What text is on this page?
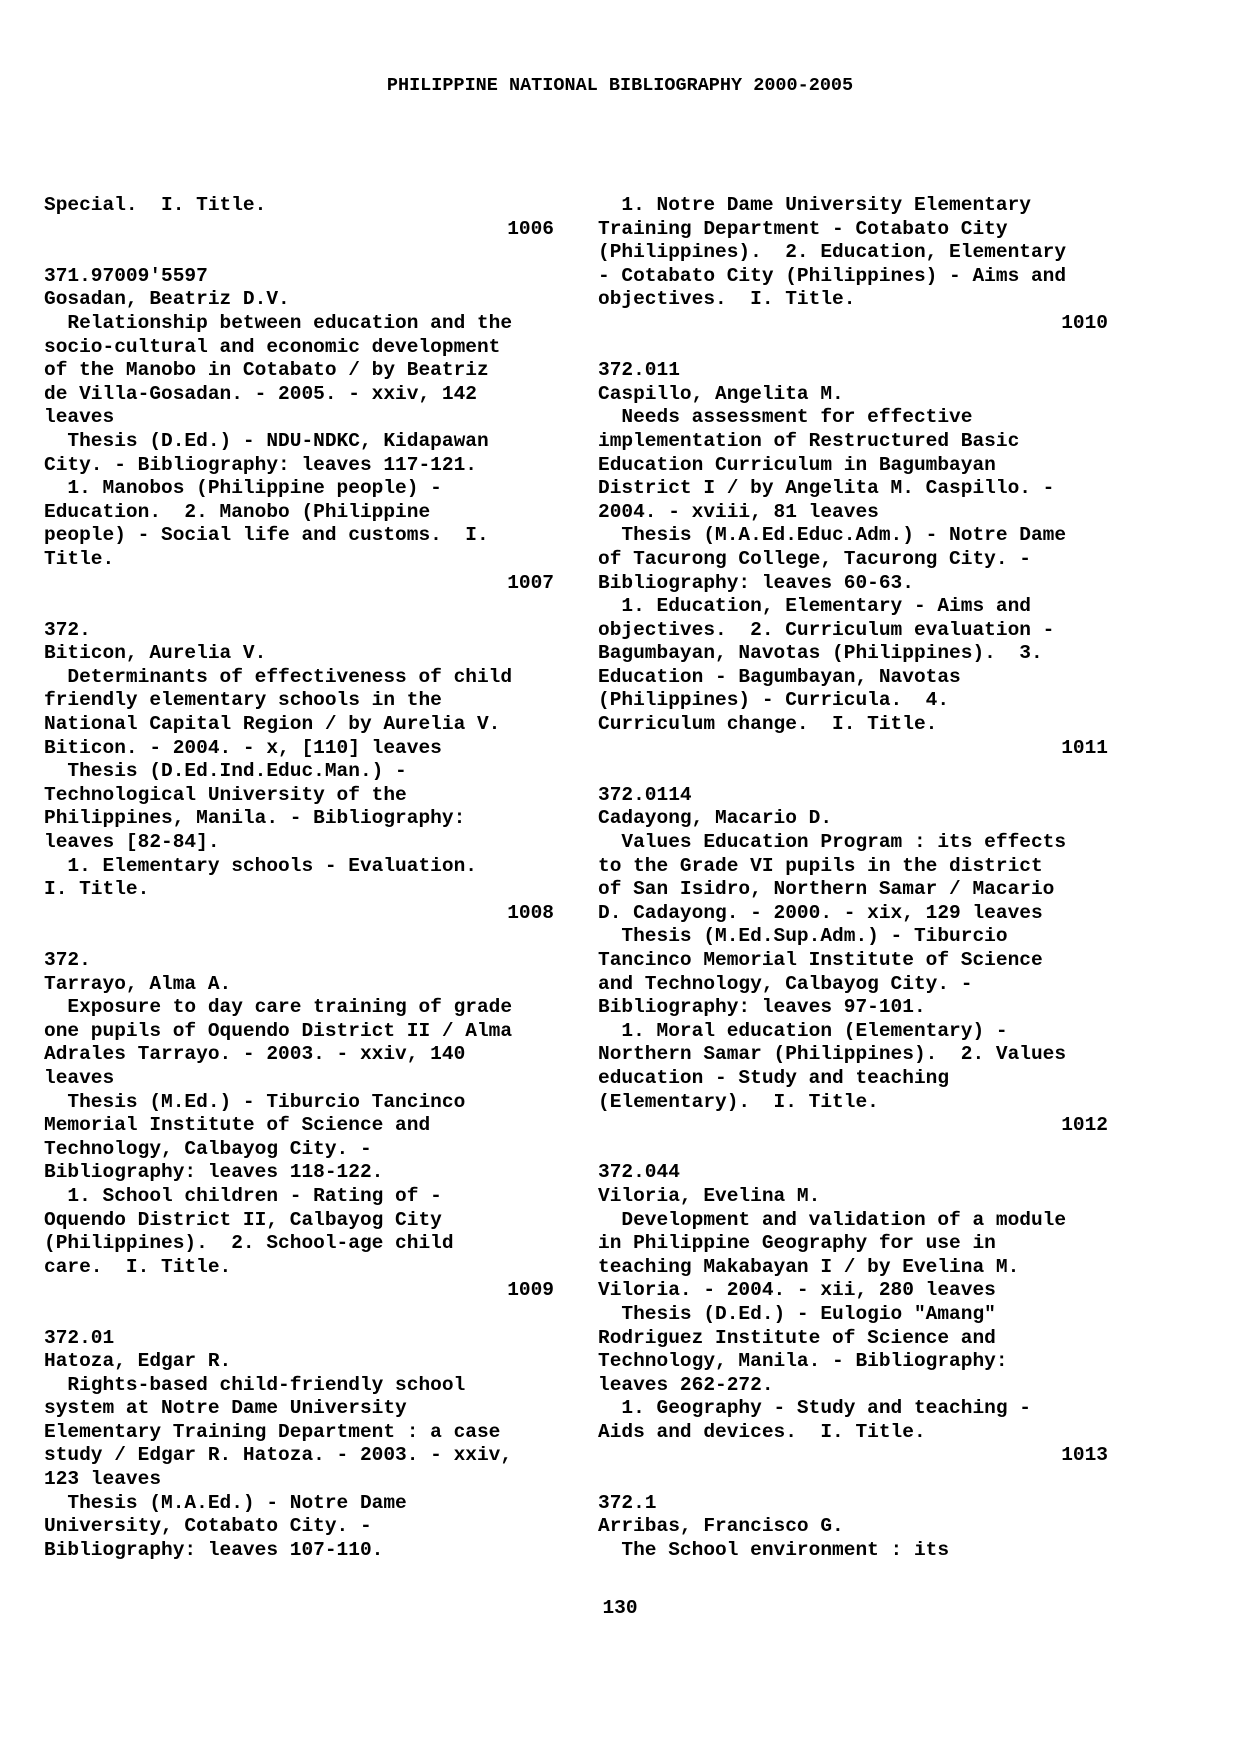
PHILIPPINE NATIONAL BIBLIOGRAPHY 2000-2005
Special.  I. Title.
1006
371.97009'5597
Gosadan, Beatriz D.V.
Relationship between education and the
socio-cultural and economic development
of the Manobo in Cotabato / by Beatriz
de Villa-Gosadan. - 2005. - xxiv, 142
leaves
Thesis (D.Ed.) - NDU-NDKC, Kidapawan
City. - Bibliography: leaves 117-121.
1. Manobos (Philippine people) -
Education.  2. Manobo (Philippine
people) - Social life and customs.  I.
Title.
1007
372.
Biticon, Aurelia V.
Determinants of effectiveness of child
friendly elementary schools in the
National Capital Region / by Aurelia V.
Biticon. - 2004. - x, [110] leaves
Thesis (D.Ed.Ind.Educ.Man.) -
Technological University of the
Philippines, Manila. - Bibliography:
leaves [82-84].
1. Elementary schools - Evaluation.
I. Title.
1008
372.
Tarrayo, Alma A.
Exposure to day care training of grade
one pupils of Oquendo District II / Alma
Adrales Tarrayo. - 2003. - xxiv, 140
leaves
Thesis (M.Ed.) - Tiburcio Tancinco
Memorial Institute of Science and
Technology, Calbayog City. -
Bibliography: leaves 118-122.
1. School children - Rating of -
Oquendo District II, Calbayog City
(Philippines).  2. School-age child
care.  I. Title.
1009
372.01
Hatoza, Edgar R.
Rights-based child-friendly school
system at Notre Dame University
Elementary Training Department : a case
study / Edgar R. Hatoza. - 2003. - xxiv,
123 leaves
Thesis (M.A.Ed.) - Notre Dame
University, Cotabato City. -
Bibliography: leaves 107-110.
1. Notre Dame University Elementary
Training Department - Cotabato City
(Philippines).  2. Education, Elementary
- Cotabato City (Philippines) - Aims and
objectives.  I. Title.
1010
372.011
Caspillo, Angelita M.
Needs assessment for effective
implementation of Restructured Basic
Education Curriculum in Bagumbayan
District I / by Angelita M. Caspillo. -
2004. - xviii, 81 leaves
Thesis (M.A.Ed.Educ.Adm.) - Notre Dame
of Tacurong College, Tacurong City. -
Bibliography: leaves 60-63.
1. Education, Elementary - Aims and
objectives.  2. Curriculum evaluation -
Bagumbayan, Navotas (Philippines).  3.
Education - Bagumbayan, Navotas
(Philippines) - Curricula.  4.
Curriculum change.  I. Title.
1011
372.0114
Cadayong, Macario D.
Values Education Program : its effects
to the Grade VI pupils in the district
of San Isidro, Northern Samar / Macario
D. Cadayong. - 2000. - xix, 129 leaves
Thesis (M.Ed.Sup.Adm.) - Tiburcio
Tancinco Memorial Institute of Science
and Technology, Calbayog City. -
Bibliography: leaves 97-101.
1. Moral education (Elementary) -
Northern Samar (Philippines).  2. Values
education - Study and teaching
(Elementary).  I. Title.
1012
372.044
Viloria, Evelina M.
Development and validation of a module
in Philippine Geography for use in
teaching Makabayan I / by Evelina M.
Viloria. - 2004. - xii, 280 leaves
Thesis (D.Ed.) - Eulogio "Amang"
Rodriguez Institute of Science and
Technology, Manila. - Bibliography:
leaves 262-272.
1. Geography - Study and teaching -
Aids and devices.  I. Title.
1013
372.1
Arribas, Francisco G.
The School environment : its
130
